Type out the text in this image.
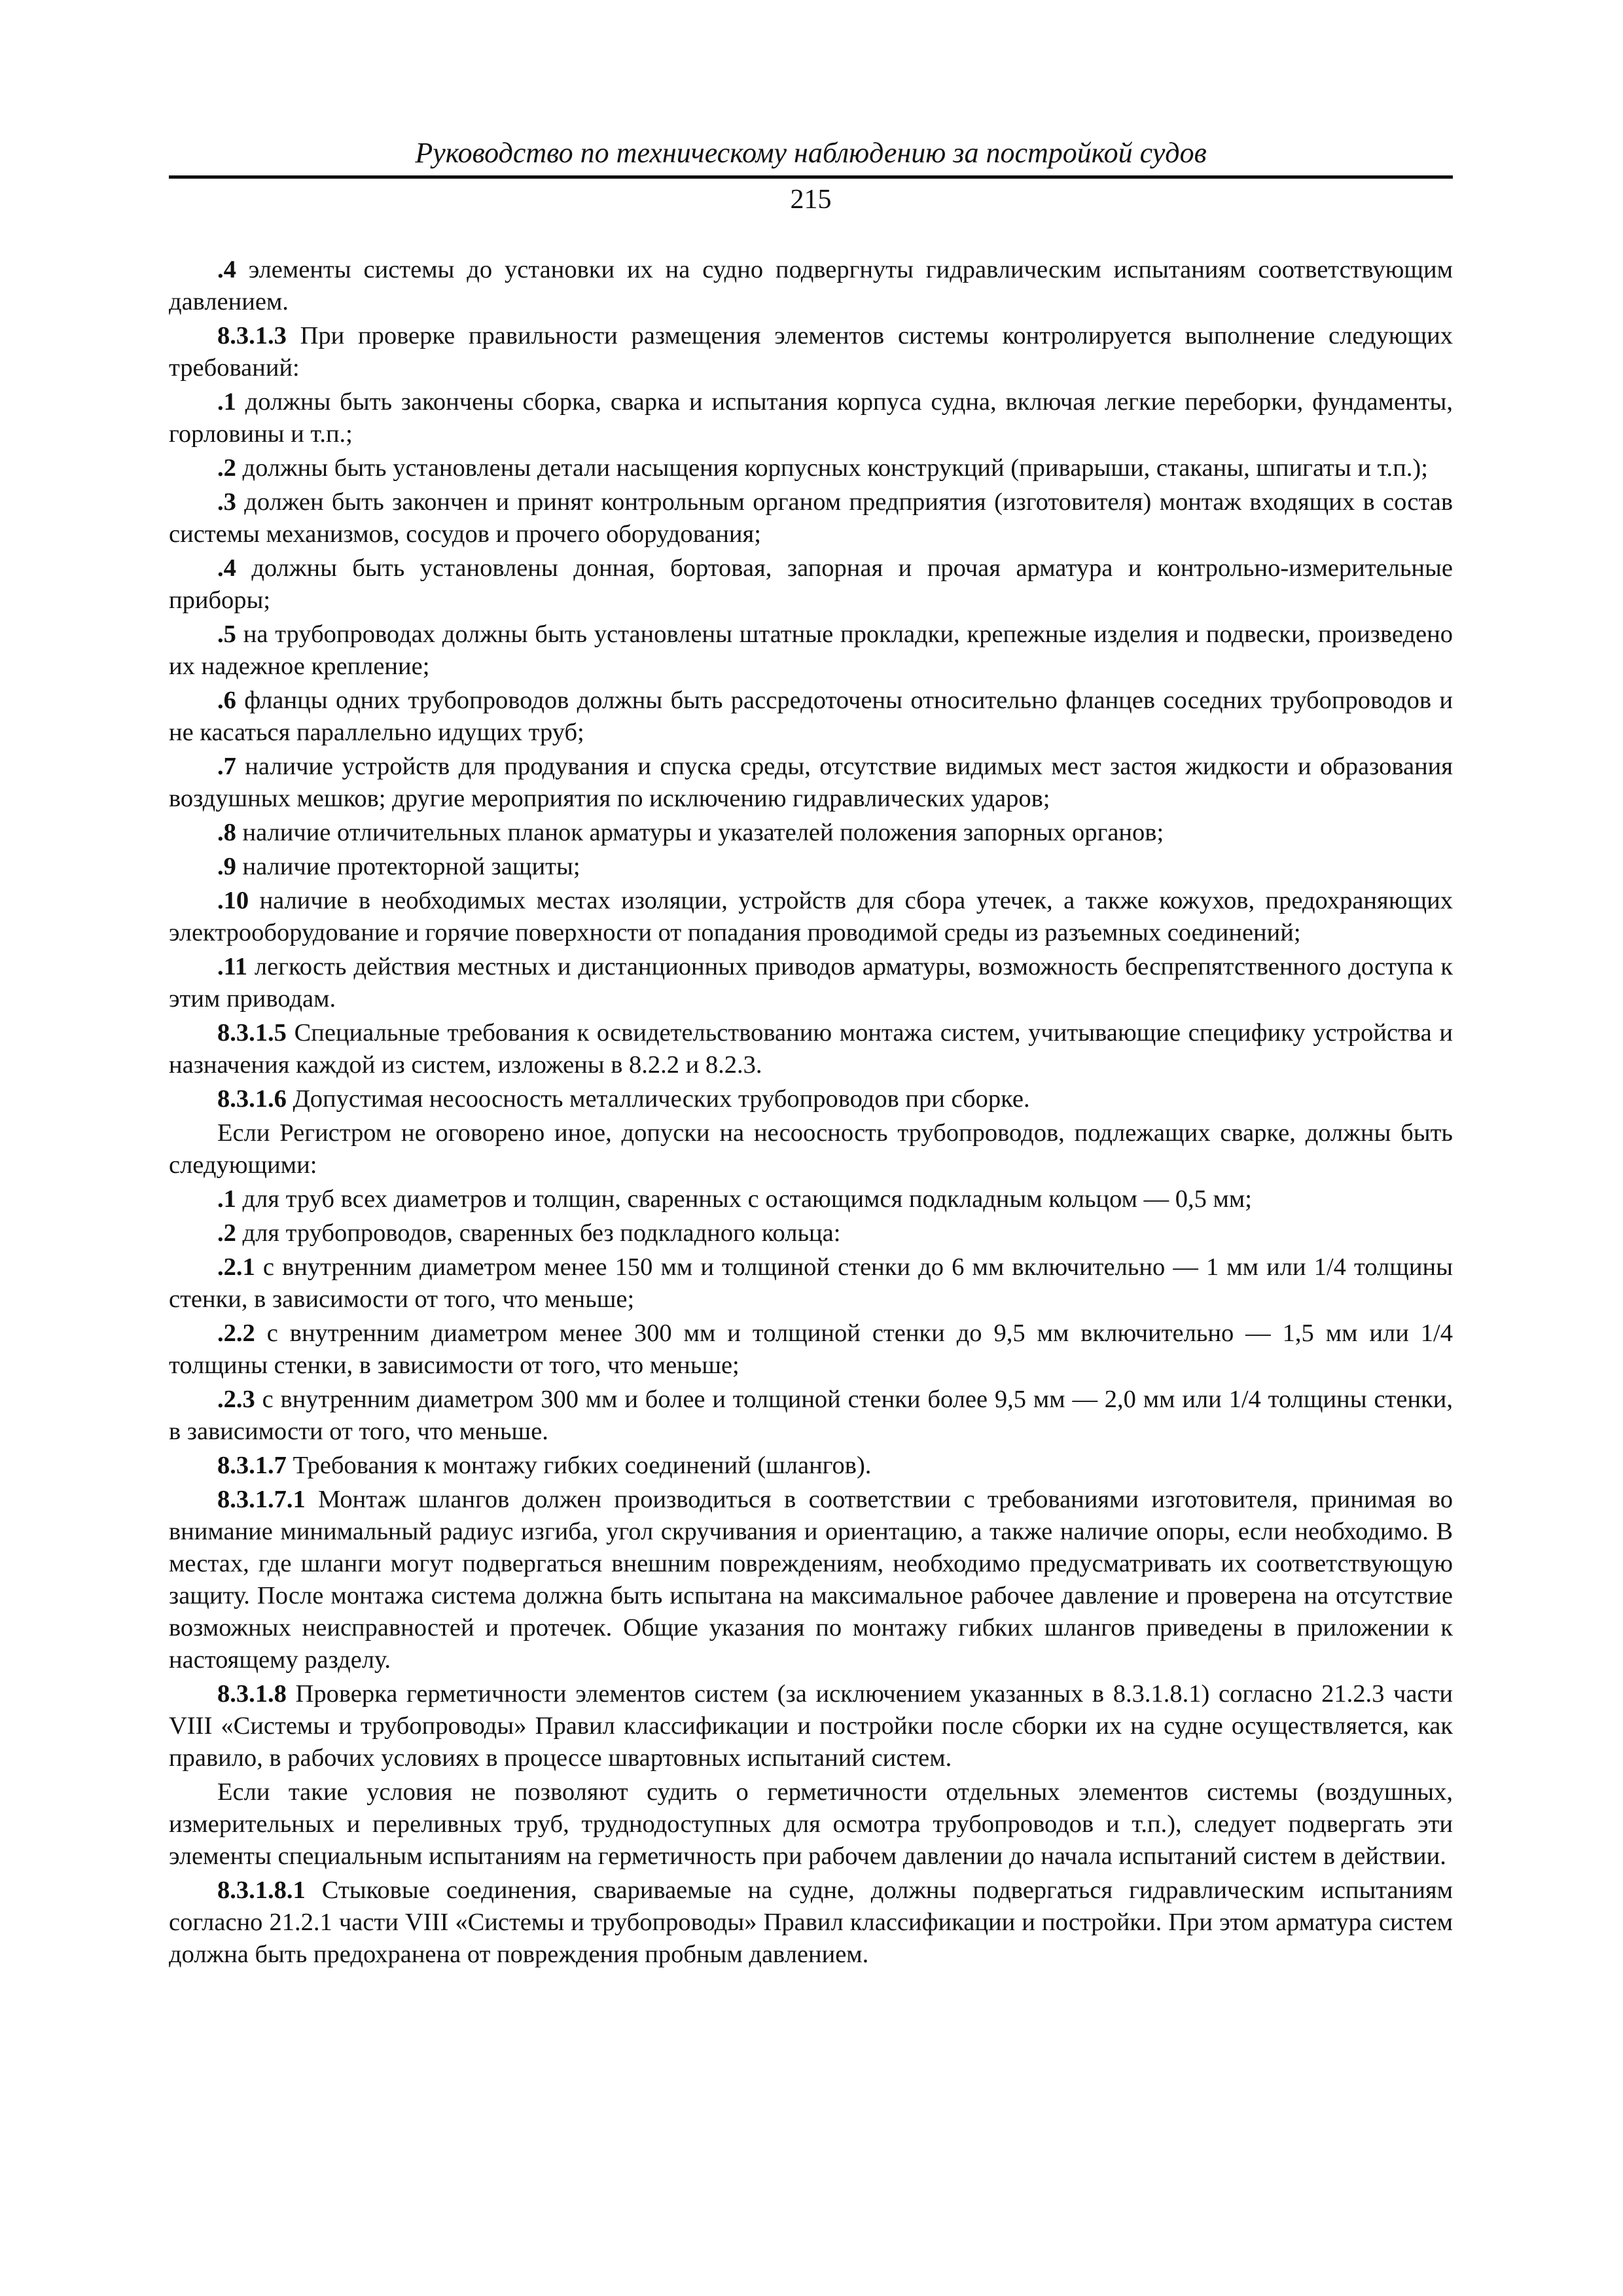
Руководство по техническому наблюдению за постройкой судов
215

.4 элементы системы до установки их на судно подвергнуты гидравлическим испытаниям соответствующим давлением.

8.3.1.3 При проверке правильности размещения элементов системы контролируется выполнение следующих требований:

.1 должны быть закончены сборка, сварка и испытания корпуса судна, включая легкие переборки, фундаменты, горловины и т.п.;

.2 должны быть установлены детали насыщения корпусных конструкций (приварыши, стаканы, шпигаты и т.п.);

.3 должен быть закончен и принят контрольным органом предприятия (изготовителя) монтаж входящих в состав системы механизмов, сосудов и прочего оборудования;

.4 должны быть установлены донная, бортовая, запорная и прочая арматура и контрольно-измерительные приборы;

.5 на трубопроводах должны быть установлены штатные прокладки, крепежные изделия и подвески, произведено их надежное крепление;

.6 фланцы одних трубопроводов должны быть рассредоточены относительно фланцев соседних трубопроводов и не касаться параллельно идущих труб;

.7 наличие устройств для продувания и спуска среды, отсутствие видимых мест застоя жидкости и образования воздушных мешков; другие мероприятия по исключению гидравлических ударов;

.8 наличие отличительных планок арматуры и указателей положения запорных органов;

.9 наличие протекторной защиты;

.10 наличие в необходимых местах изоляции, устройств для сбора утечек, а также кожухов, предохраняющих электрооборудование и горячие поверхности от попадания проводимой среды из разъемных соединений;

.11 легкость действия местных и дистанционных приводов арматуры, возможность беспрепятственного доступа к этим приводам.

8.3.1.5 Специальные требования к освидетельствованию монтажа систем, учитывающие специфику устройства и назначения каждой из систем, изложены в 8.2.2 и 8.2.3.

8.3.1.6 Допустимая несоосность металлических трубопроводов при сборке.

Если Регистром не оговорено иное, допуски на несоосность трубопроводов, подлежащих сварке, должны быть следующими:

.1 для труб всех диаметров и толщин, сваренных с остающимся подкладным кольцом — 0,5 мм;

.2 для трубопроводов, сваренных без подкладного кольца:

.2.1 с внутренним диаметром менее 150 мм и толщиной стенки до 6 мм включительно — 1 мм или 1/4 толщины стенки, в зависимости от того, что меньше;

.2.2 с внутренним диаметром менее 300 мм и толщиной стенки до 9,5 мм включительно — 1,5 мм или 1/4 толщины стенки, в зависимости от того, что меньше;

.2.3 с внутренним диаметром 300 мм и более и толщиной стенки более 9,5 мм — 2,0 мм или 1/4 толщины стенки, в зависимости от того, что меньше.

8.3.1.7 Требования к монтажу гибких соединений (шлангов).

8.3.1.7.1 Монтаж шлангов должен производиться в соответствии с требованиями изготовителя, принимая во внимание минимальный радиус изгиба, угол скручивания и ориентацию, а также наличие опоры, если необходимо. В местах, где шланги могут подвергаться внешним повреждениям, необходимо предусматривать их соответствующую защиту. После монтажа система должна быть испытана на максимальное рабочее давление и проверена на отсутствие возможных неисправностей и протечек. Общие указания по монтажу гибких шлангов приведены в приложении к настоящему разделу.

8.3.1.8 Проверка герметичности элементов систем (за исключением указанных в 8.3.1.8.1) согласно 21.2.3 части VIII «Системы и трубопроводы» Правил классификации и постройки после сборки их на судне осуществляется, как правило, в рабочих условиях в процессе швартовных испытаний систем.

Если такие условия не позволяют судить о герметичности отдельных элементов системы (воздушных, измерительных и переливных труб, труднодоступных для осмотра трубопроводов и т.п.), следует подвергать эти элементы специальным испытаниям на герметичность при рабочем давлении до начала испытаний систем в действии.

8.3.1.8.1 Стыковые соединения, свариваемые на судне, должны подвергаться гидравлическим испытаниям согласно 21.2.1 части VIII «Системы и трубопроводы» Правил классификации и постройки. При этом арматура систем должна быть предохранена от повреждения пробным давлением.
